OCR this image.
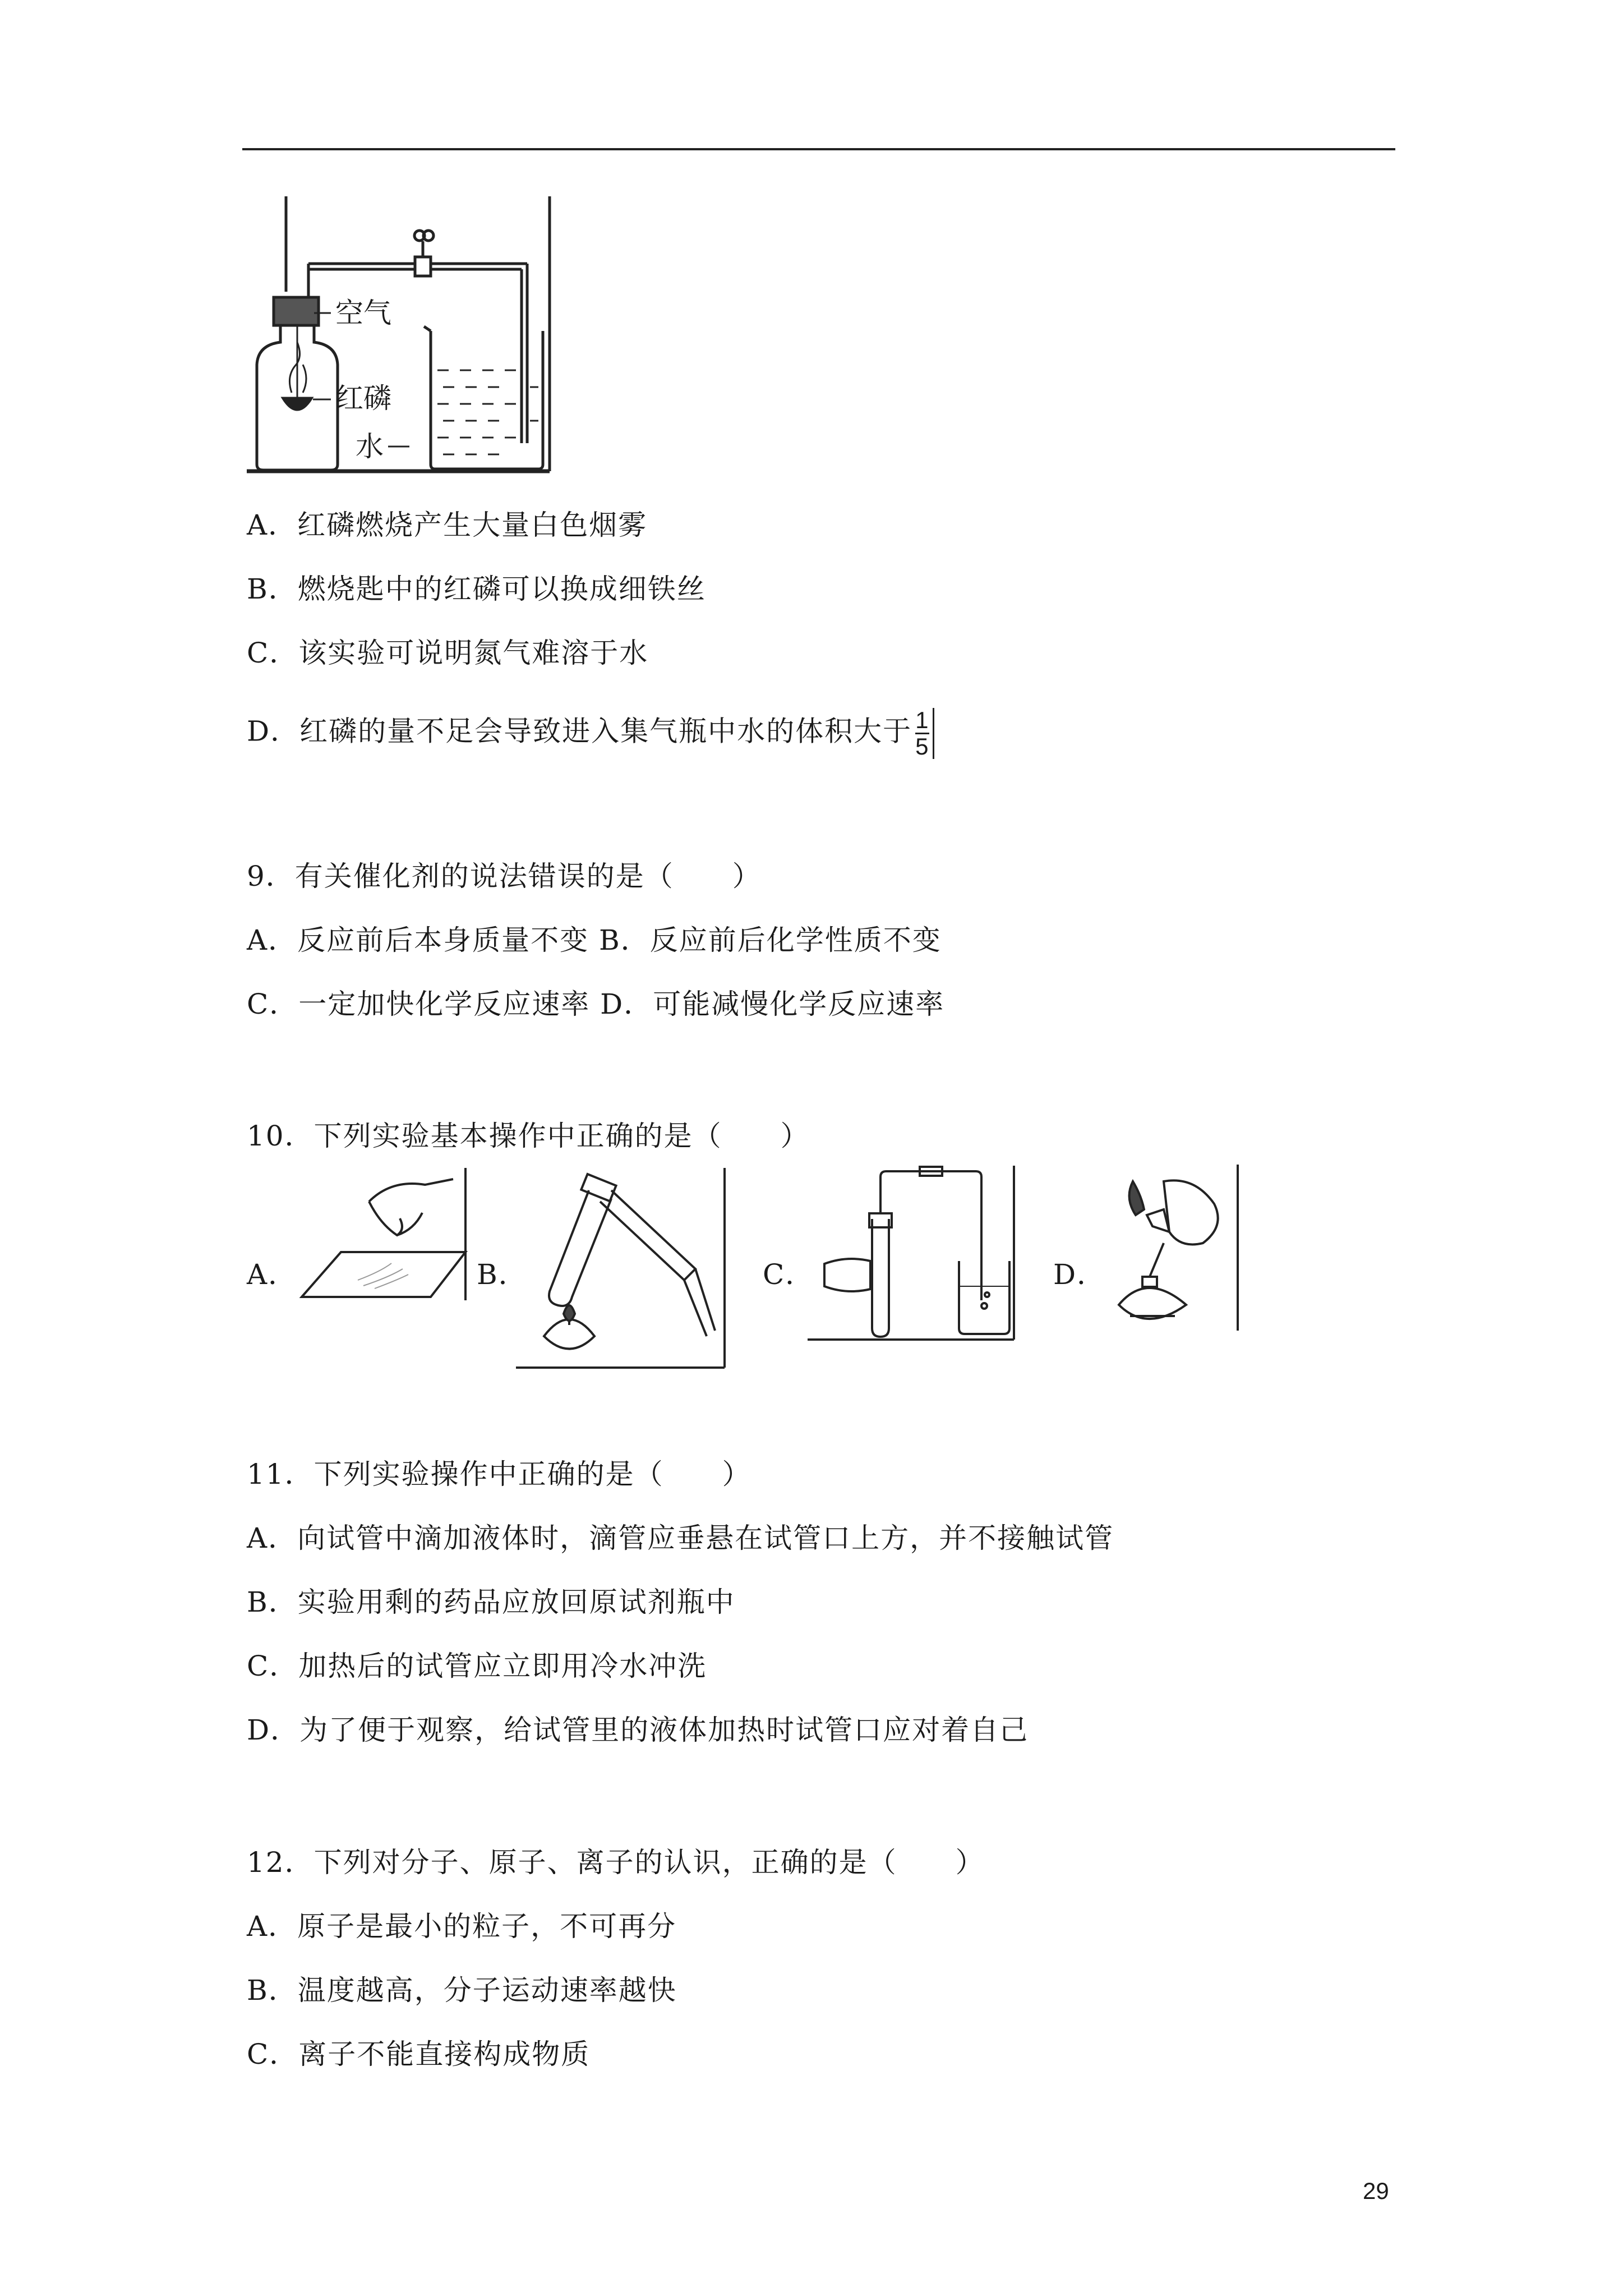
空气
红磷
水
A．红磷燃烧产生大量白色烟雾
B．燃烧匙中的红磷可以换成细铁丝
C．该实验可说明氮气难溶于水
D．红磷的量不足会导致进入集气瓶中水的体积大于 $\frac{1}{5}$
9．有关催化剂的说法错误的是（　　）
A．反应前后本身质量不变 B．反应前后化学性质不变
C．一定加快化学反应速率 D．可能减慢化学反应速率
10．下列实验基本操作中正确的是（　　）
A．	B．	C．	D．
11．下列实验操作中正确的是（　　）
A．向试管中滴加液体时，滴管应垂悬在试管口上方，并不接触试管
B．实验用剩的药品应放回原试剂瓶中
C．加热后的试管应立即用冷水冲洗
D．为了便于观察，给试管里的液体加热时试管口应对着自己
12．下列对分子、原子、离子的认识，正确的是（　　）
A．原子是最小的粒子，不可再分
B．温度越高，分子运动速率越快
C．离子不能直接构成物质
29
